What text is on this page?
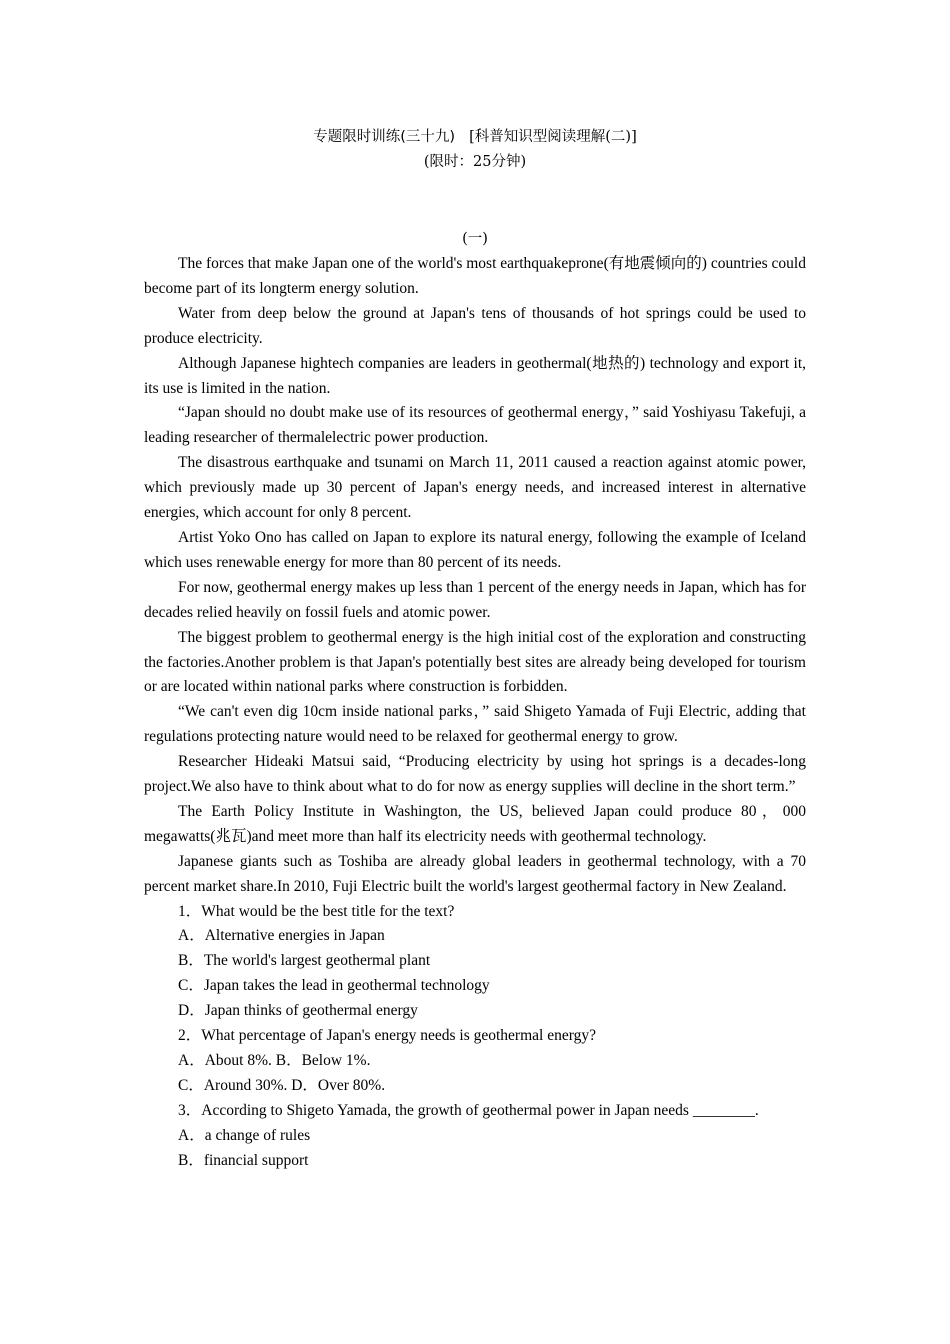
专题限时训练(三十九) [科普知识型阅读理解(二)]
(限时：25分钟)
(一)

The forces that make Japan one of the world's most earthquakeprone(有地震倾向的) countries could become part of its longterm energy solution.

Water from deep below the ground at Japan's tens of thousands of hot springs could be used to produce electricity.

Although Japanese hightech companies are leaders in geothermal(地热的) technology and export it, its use is limited in the nation.

“Japan should no doubt make use of its resources of geothermal energy，” said Yoshiyasu Takefuji, a leading researcher of thermalelectric power production.

The disastrous earthquake and tsunami on March 11, 2011 caused a reaction against atomic power, which previously made up 30 percent of Japan's energy needs, and increased interest in alternative energies, which account for only 8 percent.

Artist Yoko Ono has called on Japan to explore its natural energy, following the example of Iceland which uses renewable energy for more than 80 percent of its needs.

For now, geothermal energy makes up less than 1 percent of the energy needs in Japan, which has for decades relied heavily on fossil fuels and atomic power.

The biggest problem to geothermal energy is the high initial cost of the exploration and constructing the factories.Another problem is that Japan's potentially best sites are already being developed for tourism or are located within national parks where construction is forbidden.

“We can't even dig 10cm inside national parks，” said Shigeto Yamada of Fuji Electric, adding that regulations protecting nature would need to be relaxed for geothermal energy to grow.

Researcher Hideaki Matsui said, “Producing electricity by using hot springs is a decades-long project.We also have to think about what to do for now as energy supplies will decline in the short term.”

The Earth Policy Institute in Washington, the US, believed Japan could produce 80，000 megawatts(兆瓦)and meet more than half its electricity needs with geothermal technology.

Japanese giants such as Toshiba are already global leaders in geothermal technology, with a 70 percent market share.In 2010, Fuji Electric built the world's largest geothermal factory in New Zealand.

1．What would be the best title for the text?
A．Alternative energies in Japan
B．The world's largest geothermal plant
C．Japan takes the lead in geothermal technology
D．Japan thinks of geothermal energy
2．What percentage of Japan's energy needs is geothermal energy?
A．About 8%. B．Below 1%.
C．Around 30%. D．Over 80%.
3．According to Shigeto Yamada, the growth of geothermal power in Japan needs ________.
A．a change of rules
B．financial support
